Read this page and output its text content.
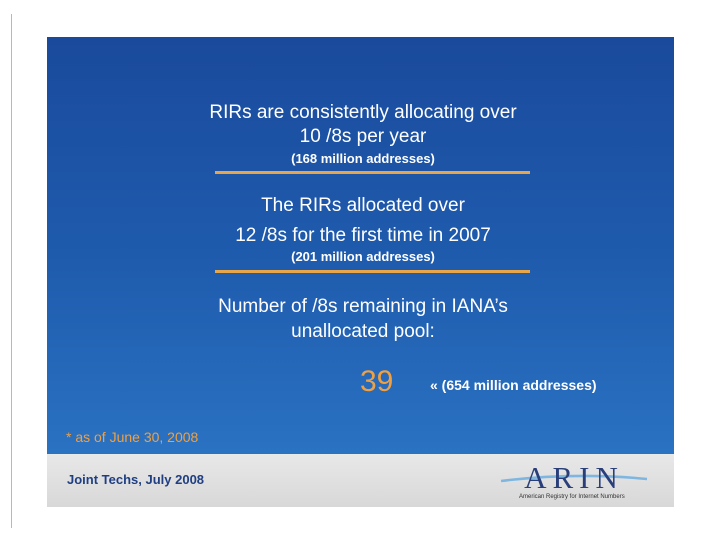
RIRs are consistently allocating over
10 /8s per year
(168 million addresses)
The RIRs allocated over
12 /8s for the first time in 2007
(201 million addresses)
Number of /8s remaining in IANA’s
unallocated pool:
39	« (654 million addresses)
* as of June 30, 2008
Joint Techs, July 2008	ARIN
American Registry for Internet Numbers
